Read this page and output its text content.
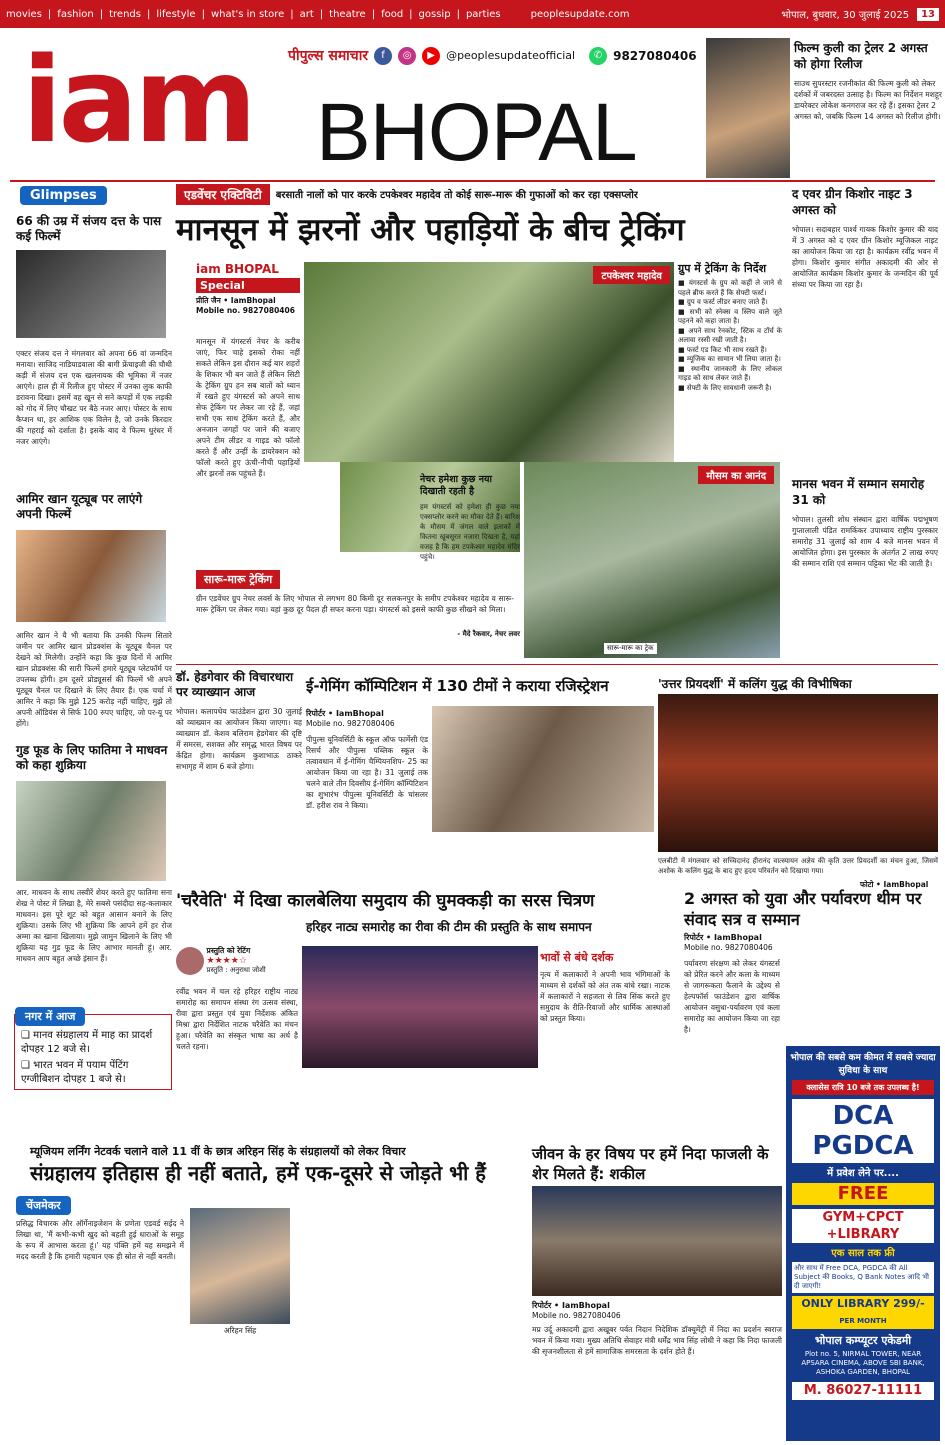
movies | fashion | trends | lifestyle | what's in store | art | theatre | food | gossip | parties	peoplesupdate.com	भोपाल, बुधवार, 30 जुलाई 2025	13
iam BHOPAL
पीपुल्स समाचार	f	◎	▶	@peoplesupdateofficial	✆ 9827080406
फिल्म कुली का ट्रेलर 2 अगस्त को होगा रिलीज
साउथ सुपरस्टार रजनीकांत की फिल्म कुली को लेकर दर्शकों में जबरदस्त उत्साह है। फिल्म का निर्देशन मशहूर डायरेक्टर लोकेश कनगराज कर रहे हैं। इसका ट्रेलर 2 अगस्त को, जबकि फिल्म 14 अगस्त को रिलीज होगी।
Glimpses
66 की उम्र में संजय दत्त के पास कई फिल्में

एक्टर संजय दत्त ने मंगलवार को अपना 66 वां जन्मदिन मनाया। साजिद नाडियाडवाला की बागी फ्रेंचाइजी की चौथी कड़ी में संजय दत्त एक खलनायक की भूमिका में नजर आएंगे। हाल ही में रिलीज हुए पोस्टर में उनका लुक काफी डरावना दिखा। इसमें वह खून से सने कपड़ों में एक लड़की को गोद में लिए चौखट पर बैठे नजर आए। पोस्टर के साथ कैप्शन था, हर आशिक एक विलेन है, जो उनके किरदार की गहराई को दर्शाता है। इसके बाद वे फिल्म धुरंधर में नजर आएंगे।

आमिर खान यूट्यूब पर लाएंगे अपनी फिल्में

आमिर खान ने यै भी बताया कि उनकी फिल्म सितारे जमीन पर आमिर खान प्रोडक्शंस के यूट्यूब चैनल पर देखने को मिलेगी। उन्होंने कहा कि कुछ दिनों में आमिर खान प्रोडक्शंस की सारी फिल्में हमारे यूट्यूब प्लेटफॉर्म पर उपलब्ध होंगी। हम दूसरे प्रोड्यूसर्स की फिल्में भी अपने यूट्यूब चैनल पर दिखाने के लिए तैयार हैं। एक चर्चा में आमिर ने कहा कि मुझे 125 करोड़ नहीं चाहिए, मुझे तो अपनी ऑडियंस से सिर्फ 100 रुपए चाहिए, जो पर-यू पर होंगे।

गुड फूड के लिए फातिमा ने माधवन को कहा शुक्रिया

आर. माधवन के साथ तस्वीरें शेयर करते हुए फातिमा सना शेख ने पोस्ट में लिखा है, मेरे सबसे पसंदीदा सह-कलाकार माधवन। इस पूरे शूट को बहुत आसान बनाने के लिए शुक्रिया। उसके लिए भी शुक्रिया कि आपने हमें हर रोज अम्मा का खाना खिलाया। मुझे जामुन खिलाने के लिए भी शुक्रिया यह गुड फूड के लिए आभार मानती हूं। आर. माधवन आप बहुत अच्छे इंसान हैं।

नगर में आज

❑ मानव संग्रहालय में माह का प्रादर्श दोपहर 12 बजे से।

❑ भारत भवन में पयाम पेंटिंग एग्जीबिशन दोपहर 1 बजे से।

एडवेंचर एक्टिविटी	बरसाती नालों को पार करके टपकेश्वर महादेव तो कोई सारू-मारू की गुफाओं को कर रहा एक्सप्लोर
मानसून में झरनों और पहाड़ियों के बीच ट्रेकिंग
iam BHOPAL
Special
प्रीति जैन • IamBhopal
Mobile no. 9827080406

मानसून में यंगस्टर्स नेचर के करीब जाएं, फिर चाहे इसको रोका नहीं सकते लेकिन इस दौरान कई बार शहरों के शिकार भी बन जाते हैं लेकिन सिटी के ट्रेकिंग ग्रुप हन सब बातों को ध्यान में रखते हुए यंगस्टर्स को अपने साथ सेफ ट्रेकिंग पर लेकर जा रहे हैं, जहां सभी एक साथ ट्रेकिंग करते हैं, और अनजान जगहों पर जाने की बजाए अपने टीम लीडर व गाइड को फॉलो करते हैं और उन्हीं के डायरेक्शन को फॉलो करते हुए ऊंची-नीची पहाड़ियों और झरनों तक पहुंचते हैं।

टपकेश्वर महादेव
मौसम का आनंद
सारू-मारू का ट्रेक
नेचर हमेशा कुछ नया दिखाती रहती है

हम यंगस्टर्स को हमेशा ही कुछ नया एक्सप्लोर करने का मौका देते हैं। बारिश के मौसम में जंगल वाले इलाकों में कितना खूबसूरत नजारा दिखता है, यहां वजह है कि हम टपकेश्वर महादेव मंदिर पहुंचे।

- मैदे रैकवार, नेचर लवर
सारू-मारू ट्रेकिंग

ग्रीन एडवेंचर ग्रुप नेचर लवर्स के लिए भोपाल से लगभग 80 किमी दूर सलकनपुर के समीप टपकेश्वर महादेव व सारू-मारू ट्रेकिंग पर लेकर गया। यहां कुछ दूर पैदल ही सफर करना पड़ा। यंगस्टर्स को इससे काफी कुछ सीखने को मिला।

ग्रुप में ट्रेकिंग के निर्देश
■ यंगस्टर्स के ग्रुप को कहीं ले जाने से पहले ब्रीफ करते हैं कि सेफ्टी फर्स्ट।
■ ग्रुप व फर्स्ट लीडर बनाए जाते हैं।
■ सभी को स्नेक्स व स्लिप वाले जूते पहनने को कहा जाता है।
■ अपने साथ रेनकोट, स्टिक व टॉर्च के अलावा रस्सी रखी जाती है।
■ फर्स्ट एड किट भी साथ रखते हैं।
■ म्यूजिक का सामान भी लिया जाता है।
■ स्थानीय जानकारी के लिए लोकल गाइड को साथ लेकर जाते हैं।
■ सेफ्टी के लिए सावधानी जरूरी है।
द एवर ग्रीन किशोर नाइट 3 अगस्त को

भोपाल। सदाबहार पार्श्व गायक किशोर कुमार की याद में 3 अगस्त को द एवर ग्रीन किशोर म्यूजिकल नाइट का आयोजन किया जा रहा है। कार्यक्रम रवींद्र भवन में होगा। किशोर कुमार संगीत अकादमी की ओर से आयोजित कार्यक्रम किशोर कुमार के जन्मदिन की पूर्व संध्या पर किया जा रहा है।

मानस भवन में सम्मान समारोह 31 को

भोपाल। तुलसी शोध संस्थान द्वारा वार्षिक पद्मभूषण गुप्तालाली पंडित रामकिंकर उपाध्याय राष्ट्रीय पुरस्कार समारोह 31 जुलाई को शाम 4 बजे मानस भवन में आयोजित होगा। इस पुरस्कार के अंतर्गत 2 लाख रुपए की सम्मान राशि एवं सम्मान पट्टिका भेंट की जाती है।

डॉ. हेडगेवार की विचारधारा पर व्याख्यान आज

भोपाल। कलापथेय फाउंडेशन द्वारा 30 जुलाई को व्याख्यान का आयोजन किया जाएगा। यह व्याख्यान डॉ. केशव बलिराम हेडगेवार की दृष्टि में समरस, सशक्त और समृद्ध भारत विषय पर केंद्रित होगा। कार्यक्रम कुशाभाऊ ठाकरे सभागृह में शाम 6 बजे होगा।

ई-गेमिंग कॉम्पिटिशन में 130 टीमों ने कराया रजिस्ट्रेशन
रिपोर्टर • IamBhopal
Mobile no. 9827080406

पीपुल्स यूनिवर्सिटी के स्कूल ऑफ फार्मेसी एंड रिसर्च और पीपुल्स पब्लिक स्कूल के तत्वावधान में ई-गेमिंग चैम्पियनशिप- 25 का आयोजन किया जा रहा है। 31 जुलाई तक चलने वाले तीन दिवसीय ई-गेमिंग कॉम्पिटिशन का शुभारंभ पीपुल्स यूनिवर्सिटी के चांसलर डॉ. हरीश राव ने किया।

'उत्तर प्रियदर्शी' में कलिंग युद्ध की विभीषिका

एलबीटी में मंगलवार को सच्चिदानंद हीरानंद वात्स्यायन अज्ञेय की कृति उत्तर प्रियदर्शी का मंचन हुआ, जिसमें अशोक के कलिंग युद्ध के बाद हुए हृदय परिवर्तन को दिखाया गया।

फोटो • IamBhopal
'चरैवेति' में दिखा कालबेलिया समुदाय की घुमक्कड़ी का सरस चित्रण
हरिहर नाट्य समारोह का रीवा की टीम की प्रस्तुति के साथ समापन

प्रस्तुति को रेटिंग
★★★★☆
प्रस्तुति : अनुराधा जोशी

रवींद्र भवन में चल रहे हरिहर राष्ट्रीय नाट्य समारोह का समापन संस्था रंग उत्सव संस्था, रीवा द्वारा प्रस्तुत एवं युवा निर्देशक अंकित मिश्रा द्वारा निर्देशित नाटक चरैवेति का मंचन हुआ। चरैवेति का संस्कृत भाषा का अर्थ है चलते रहना।

भावों से बंधे दर्शक

नृत्य में कलाकारों ने अपनी भाव भंगिमाओं के माध्यम से दर्शकों को अंत तक बांधे रखा। नाटक में कलाकारों ने सहजता से लिव सिंक करते हुए समुदाय के रीति-रिवाजों और धार्मिक आस्थाओं को प्रस्तुत किया।

2 अगस्त को युवा और पर्यावरण थीम पर संवाद सत्र व सम्मान
रिपोर्टर • IamBhopal
Mobile no. 9827080406

पर्यावरण संरक्षण को लेकर यंगस्टर्स को प्रेरित करने और कला के माध्यम से जागरूकता फैलाने के उद्देश्य से हेल्पफॉर्स फाउंडेशन द्वारा वार्षिक आयोजन वसुधा-पर्यावरण एवं कला समारोह का आयोजन किया जा रहा है।

म्यूजियम लर्निंग नेटवर्क चलाने वाले 11 वीं के छात्र अरिहन सिंह के संग्रहालयों को लेकर विचार
संग्रहालय इतिहास ही नहीं बताते, हमें एक-दूसरे से जोड़ते भी हैं
चेंजमेकर

प्रसिद्ध विचारक और ऑर्गेनाइजेशन के प्रणेता एडवर्ड सईद ने लिखा था, 'मैं कभी-कभी खुद को बहती हुई धाराओं के समूह के रूप में आभास करता हूं।' यह पंक्ति हमें यह समझने में मदद करती है कि हमारी पहचान एक ही स्रोत से नहीं बनती।

अरिहन सिंह
जीवन के हर विषय पर हमें निदा फाजली के शेर मिलते हैं: शकील
रिपोर्टर • IamBhopal
Mobile no. 9827080406

मप्र उर्दू अकादमी द्वारा अखूबर पर्वत निदान निदेशिक डॉक्यूमेंट्री में निदा का प्रदर्शन स्वराज भवन में किया गया। मुख्य अतिथि सेवाहर मंत्री धर्मेंद्र भाव सिंह लोधी ने कहा कि निदा फाजली की सृजनशीलता से हमें सामाजिक समरसता के दर्शन होते हैं।

भोपाल की सबसे कम कीमत में सबसे ज्यादा सुविधा के साथ
क्लासेस रात्रि 10 बजे तक उपलब्ध है!
DCA PGDCA
में प्रवेश लेने पर....
FREE
GYM+CPCT +LIBRARY
एक साल तक फ्री
और साथ में Free DCA, PGDCA की All Subject की Books, Q Bank Notes आदि भी दी जाएगी!
ONLY LIBRARY 299/- PER MONTH
भोपाल कम्प्यूटर एकेडमी
Plot no. 5, NIRMAL TOWER, NEAR APSARA CINEMA, ABOVE SBI BANK, ASHOKA GARDEN, BHOPAL
M. 86027-11111
